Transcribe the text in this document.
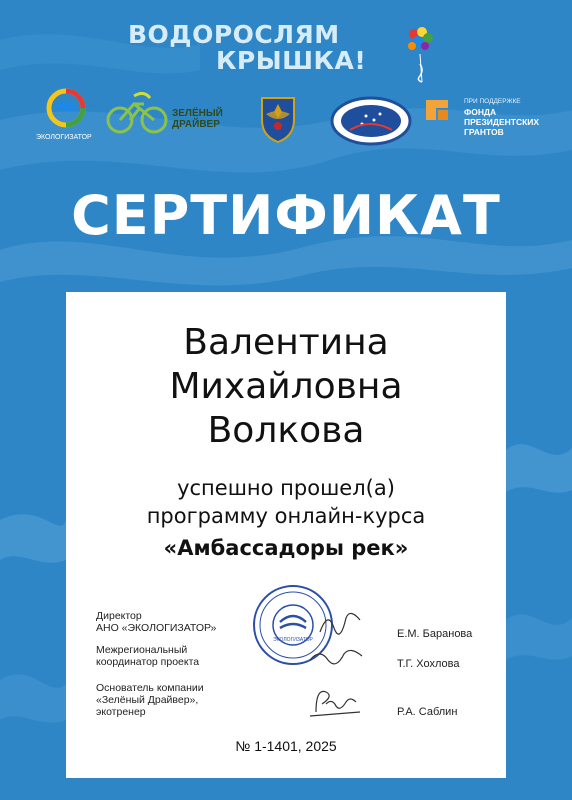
ВОДОРОСЛЯМ
КРЫШКА!
ЭКОЛОГИЗАТОР
ЗЕЛЁНЫЙ
ДРАЙВЕР
ПРИ ПОДДЕРЖКЕ
ФОНДА
ПРЕЗИДЕНТСКИХ
ГРАНТОВ
СЕРТИФИКАТ
Валентина
Михайловна
Волкова
успешно прошел(а)
программу онлайн-курса
«Амбассадоры рек»
ЭКОЛОГИЗАТОР
Директор
АНО «ЭКОЛОГИЗАТОР»	Е.М. Баранова
Межрегиональный
координатор проекта	Т.Г. Хохлова
Основатель компании
«Зелёный Драйвер»,
экотренер	Р.А. Саблин
№ 1-1401, 2025
